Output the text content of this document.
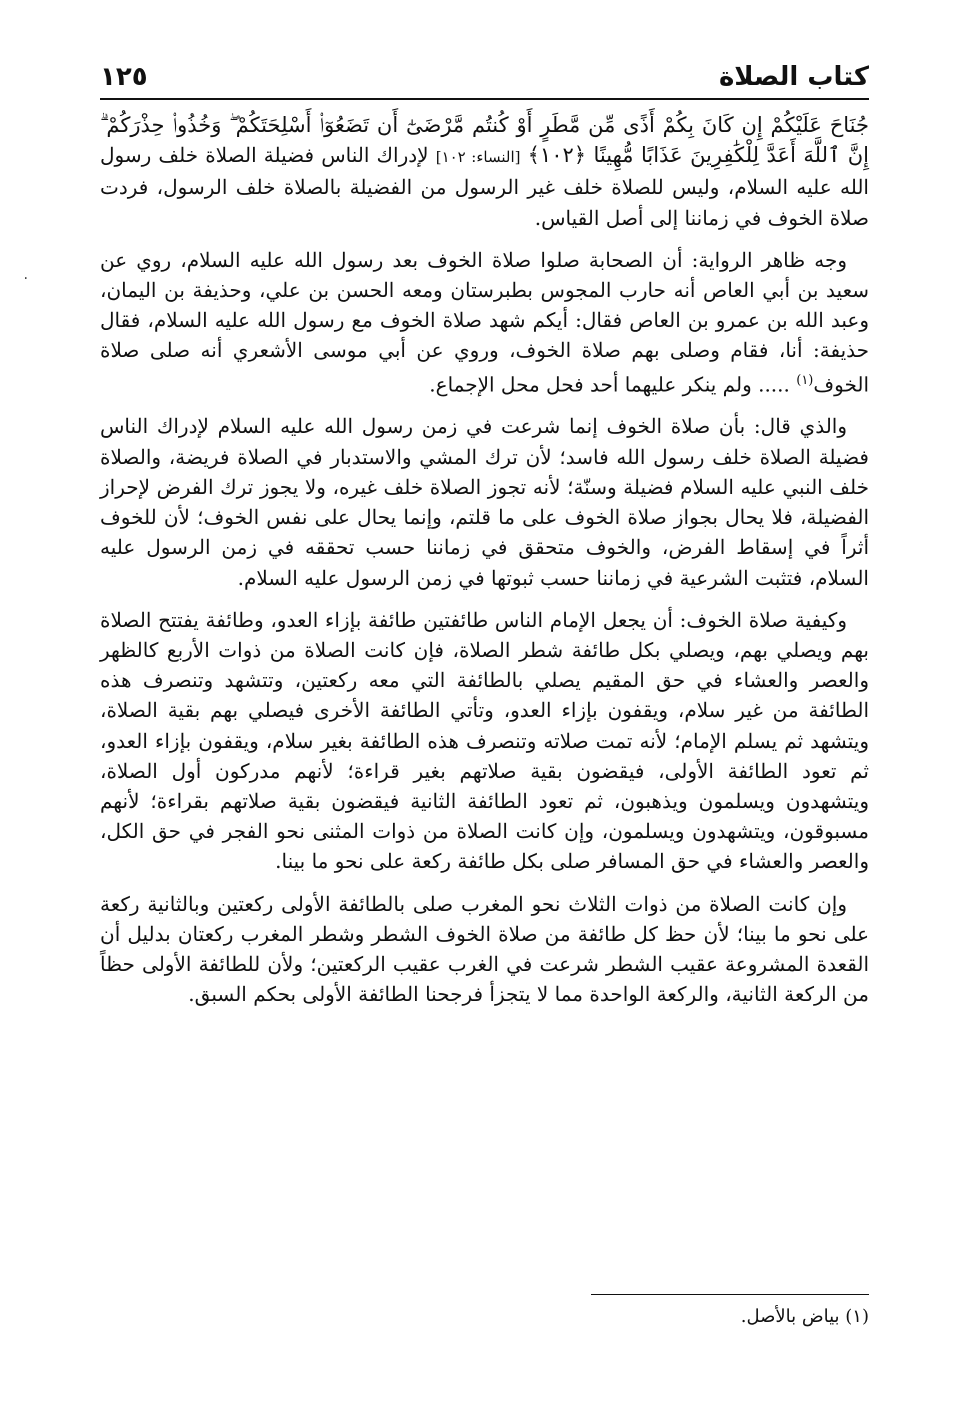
كتاب الصلاة
١٢٥

جُنَاحَ عَلَيْكُمْ إِن كَانَ بِكُمْ أَذًى مِّن مَّطَرٍ أَوْ كُنتُم مَّرْضَىٰٓ أَن تَضَعُوٓا۟ أَسْلِحَتَكُمْ ۖ وَخُذُوا۟ حِذْرَكُمْ ۗ إِنَّ ٱللَّهَ أَعَدَّ لِلْكَٰفِرِينَ عَذَابًا مُّهِينًا ﴿١٠٢﴾ [النساء: ١٠٢] لإدراك الناس فضيلة الصلاة خلف رسول الله عليه السلام، وليس للصلاة خلف غير الرسول من الفضيلة بالصلاة خلف الرسول، فردت صلاة الخوف في زماننا إلى أصل القياس.

وجه ظاهر الرواية: أن الصحابة صلوا صلاة الخوف بعد رسول الله عليه السلام، روي عن سعيد بن أبي العاص أنه حارب المجوس بطبرستان ومعه الحسن بن علي، وحذيفة بن اليمان، وعبد الله بن عمرو بن العاص فقال: أيكم شهد صلاة الخوف مع رسول الله عليه السلام، فقال حذيفة: أنا، فقام وصلى بهم صلاة الخوف، وروي عن أبي موسى الأشعري أنه صلى صلاة الخوف$^{(١)}$ ..... ولم ينكر عليهما أحد فحل محل الإجماع.

والذي قال: بأن صلاة الخوف إنما شرعت في زمن رسول الله عليه السلام لإدراك الناس فضيلة الصلاة خلف رسول الله فاسد؛ لأن ترك المشي والاستدبار في الصلاة فريضة، والصلاة خلف النبي عليه السلام فضيلة وسنّة؛ لأنه تجوز الصلاة خلف غيره، ولا يجوز ترك الفرض لإحراز الفضيلة، فلا يحال بجواز صلاة الخوف على ما قلتم، وإنما يحال على نفس الخوف؛ لأن للخوف أثراً في إسقاط الفرض، والخوف متحقق في زماننا حسب تحققه في زمن الرسول عليه السلام، فتثبت الشرعية في زماننا حسب ثبوتها في زمن الرسول عليه السلام.

وكيفية صلاة الخوف: أن يجعل الإمام الناس طائفتين طائفة بإزاء العدو، وطائفة يفتتح الصلاة بهم ويصلي بهم، ويصلي بكل طائفة شطر الصلاة، فإن كانت الصلاة من ذوات الأربع كالظهر والعصر والعشاء في حق المقيم يصلي بالطائفة التي معه ركعتين، وتتشهد وتنصرف هذه الطائفة من غير سلام، ويقفون بإزاء العدو، وتأتي الطائفة الأخرى فيصلي بهم بقية الصلاة، ويتشهد ثم يسلم الإمام؛ لأنه تمت صلاته وتنصرف هذه الطائفة بغير سلام، ويقفون بإزاء العدو، ثم تعود الطائفة الأولى، فيقضون بقية صلاتهم بغير قراءة؛ لأنهم مدركون أول الصلاة، ويتشهدون ويسلمون ويذهبون، ثم تعود الطائفة الثانية فيقضون بقية صلاتهم بقراءة؛ لأنهم مسبوقون، ويتشهدون ويسلمون، وإن كانت الصلاة من ذوات المثنى نحو الفجر في حق الكل، والعصر والعشاء في حق المسافر صلى بكل طائفة ركعة على نحو ما بينا.

وإن كانت الصلاة من ذوات الثلاث نحو المغرب صلى بالطائفة الأولى ركعتين وبالثانية ركعة على نحو ما بينا؛ لأن حظ كل طائفة من صلاة الخوف الشطر وشطر المغرب ركعتان بدليل أن القعدة المشروعة عقيب الشطر شرعت في الغرب عقيب الركعتين؛ ولأن للطائفة الأولى حظاً من الركعة الثانية، والركعة الواحدة مما لا يتجزأ فرجحنا الطائفة الأولى بحكم السبق.

(١) بياض بالأصل.
٠
